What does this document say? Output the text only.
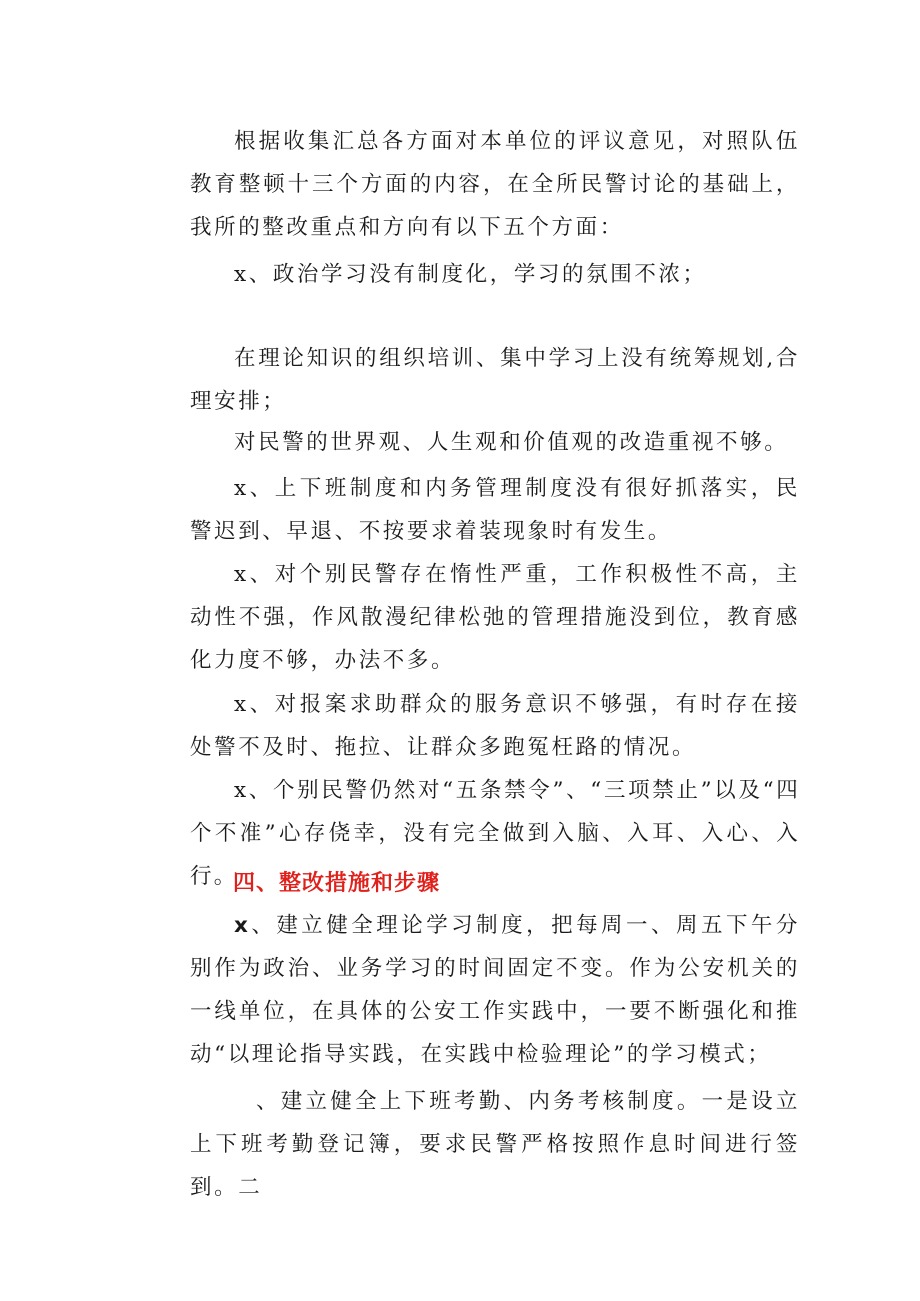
根据收集汇总各方面对本单位的评议意见，对照队伍教育整顿十三个方面的内容，在全所民警讨论的基础上，我所的整改重点和方向有以下五个方面：

x、政治学习没有制度化，学习的氛围不浓；

在理论知识的组织培训、集中学习上没有统筹规划,合理安排；

对民警的世界观、人生观和价值观的改造重视不够。

x、上下班制度和内务管理制度没有很好抓落实，民警迟到、早退、不按要求着装现象时有发生。

x、对个别民警存在惰性严重，工作积极性不高，主动性不强，作风散漫纪律松弛的管理措施没到位，教育感化力度不够，办法不多。

x、对报案求助群众的服务意识不够强，有时存在接处警不及时、拖拉、让群众多跑冤枉路的情况。

x、个别民警仍然对“五条禁令”、“三项禁止”以及“四个不准”心存侥幸，没有完全做到入脑、入耳、入心、入行。

四、整改措施和步骤

x、建立健全理论学习制度，把每周一、周五下午分别作为政治、业务学习的时间固定不变。作为公安机关的一线单位，在具体的公安工作实践中，一要不断强化和推动“以理论指导实践，在实践中检验理论”的学习模式；

、建立健全上下班考勤、内务考核制度。一是设立上下班考勤登记簿，要求民警严格按照作息时间进行签到。二
